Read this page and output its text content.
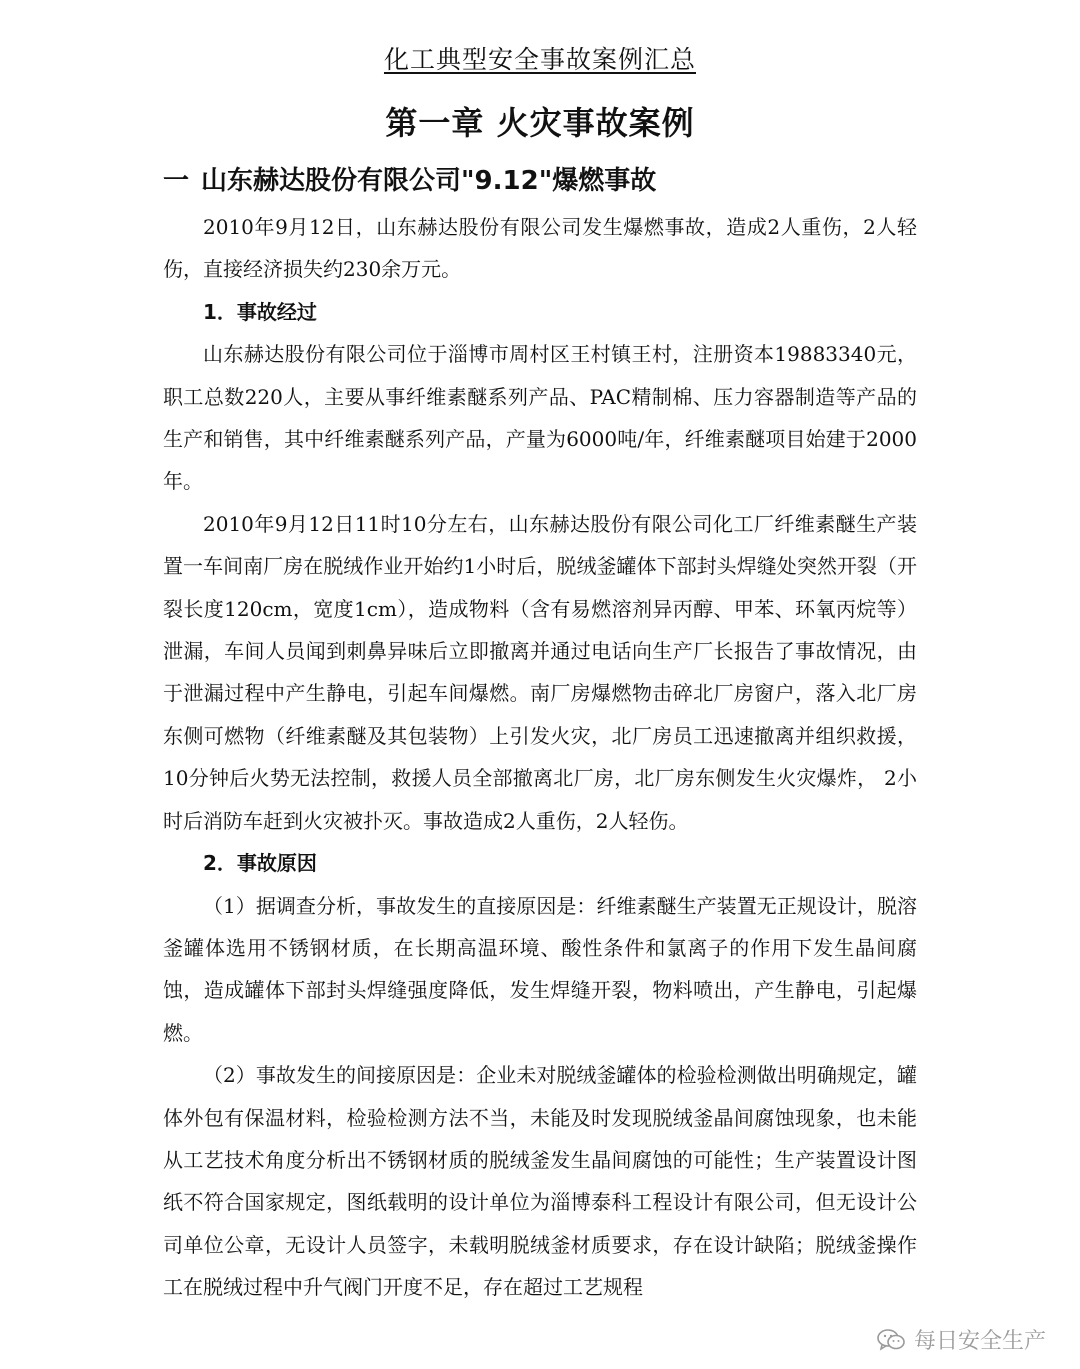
化工典型安全事故案例汇总
第一章 火灾事故案例
一 山东赫达股份有限公司"9.12"爆燃事故

2010年9月12日，山东赫达股份有限公司发生爆燃事故，造成2人重伤，2人轻伤，直接经济损失约230余万元。

1．事故经过

山东赫达股份有限公司位于淄博市周村区王村镇王村，注册资本19883340元，职工总数220人，主要从事纤维素醚系列产品、PAC精制棉、压力容器制造等产品的生产和销售，其中纤维素醚系列产品，产量为6000吨/年，纤维素醚项目始建于2000年。

2010年9月12日11时10分左右，山东赫达股份有限公司化工厂纤维素醚生产装置一车间南厂房在脱绒作业开始约1小时后，脱绒釜罐体下部封头焊缝处突然开裂（开裂长度120cm，宽度1cm），造成物料（含有易燃溶剂异丙醇、甲苯、环氧丙烷等）泄漏，车间人员闻到刺鼻异味后立即撤离并通过电话向生产厂长报告了事故情况，由于泄漏过程中产生静电，引起车间爆燃。南厂房爆燃物击碎北厂房窗户，落入北厂房东侧可燃物（纤维素醚及其包装物）上引发火灾，北厂房员工迅速撤离并组织救援，10分钟后火势无法控制，救援人员全部撤离北厂房，北厂房东侧发生火灾爆炸， 2小时后消防车赶到火灾被扑灭。事故造成2人重伤，2人轻伤。

2．事故原因

（1）据调查分析，事故发生的直接原因是：纤维素醚生产装置无正规设计，脱溶釜罐体选用不锈钢材质，在长期高温环境、酸性条件和氯离子的作用下发生晶间腐蚀，造成罐体下部封头焊缝强度降低，发生焊缝开裂，物料喷出，产生静电，引起爆燃。

（2）事故发生的间接原因是：企业未对脱绒釜罐体的检验检测做出明确规定，罐体外包有保温材料，检验检测方法不当，未能及时发现脱绒釜晶间腐蚀现象，也未能从工艺技术角度分析出不锈钢材质的脱绒釜发生晶间腐蚀的可能性；生产装置设计图纸不符合国家规定，图纸载明的设计单位为淄博泰科工程设计有限公司，但无设计公司单位公章，无设计人员签字，未载明脱绒釜材质要求，存在设计缺陷；脱绒釜操作工在脱绒过程中升气阀门开度不足，存在超过工艺规程

每日安全生产
